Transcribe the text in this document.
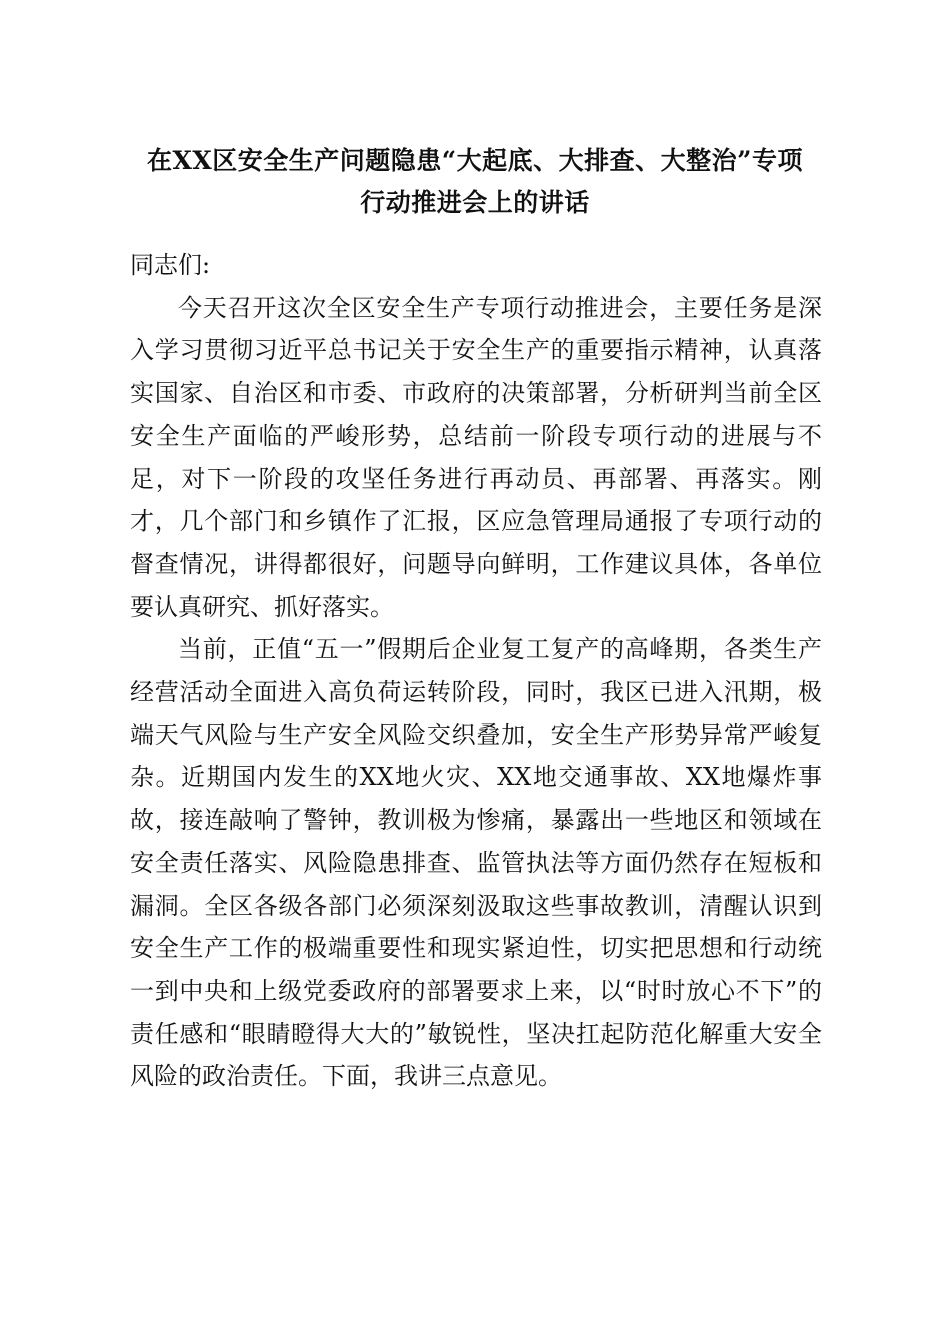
在XX区安全生产问题隐患“大起底、大排查、大整治”专项
行动推进会上的讲话

同志们:

今天召开这次全区安全生产专项行动推进会，主要任务是深入学习贯彻习近平总书记关于安全生产的重要指示精神，认真落实国家、自治区和市委、市政府的决策部署，分析研判当前全区安全生产面临的严峻形势，总结前一阶段专项行动的进展与不足，对下一阶段的攻坚任务进行再动员、再部署、再落实。刚才，几个部门和乡镇作了汇报，区应急管理局通报了专项行动的督查情况，讲得都很好，问题导向鲜明，工作建议具体，各单位要认真研究、抓好落实。

当前，正值“五一”假期后企业复工复产的高峰期，各类生产经营活动全面进入高负荷运转阶段，同时，我区已进入汛期，极端天气风险与生产安全风险交织叠加，安全生产形势异常严峻复杂。近期国内发生的XX地火灾、XX地交通事故、XX地爆炸事故，接连敲响了警钟，教训极为惨痛，暴露出一些地区和领域在安全责任落实、风险隐患排查、监管执法等方面仍然存在短板和漏洞。全区各级各部门必须深刻汲取这些事故教训，清醒认识到安全生产工作的极端重要性和现实紧迫性，切实把思想和行动统一到中央和上级党委政府的部署要求上来，以“时时放心不下”的责任感和“眼睛瞪得大大的”敏锐性，坚决扛起防范化解重大安全风险的政治责任。下面，我讲三点意见。
